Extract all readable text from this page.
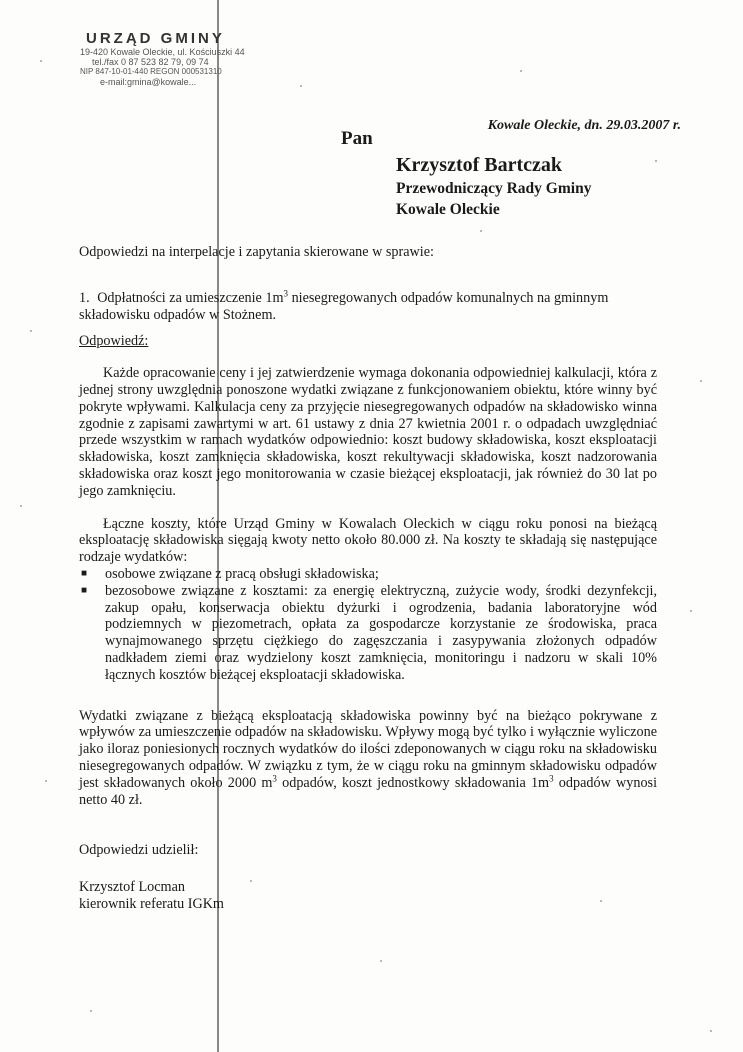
URZĄD GMINY
19-420 Kowale Oleckie, ul. Kościuszki 44
tel./fax 0 87 523 82 79, 09 74
NIP 847-10-01-440 REGON 000531310
e-mail:gmina@kowale...
Kowale Oleckie, dn. 29.03.2007 r.
Pan
Krzysztof Bartczak
Przewodniczący Rady Gminy
Kowale Oleckie

Odpowiedzi na interpelacje i zapytania skierowane w sprawie:

1. Odpłatności za umieszczenie $1m^3$ niesegregowanych odpadów komunalnych na gminnym składowisku odpadów w Stożnem.

Odpowiedź:

Każde opracowanie ceny i jej zatwierdzenie wymaga dokonania odpowiedniej kalkulacji, która z jednej strony uwzględnia ponoszone wydatki związane z funkcjonowaniem obiektu, które winny być pokryte wpływami. Kalkulacja ceny za przyjęcie niesegregowanych odpadów na składowisko winna zgodnie z zapisami zawartymi w art. 61 ustawy z dnia 27 kwietnia 2001 r. o odpadach uwzględniać przede wszystkim w ramach wydatków odpowiednio: koszt budowy składowiska, koszt eksploatacji składowiska, koszt zamknięcia składowiska, koszt rekultywacji składowiska, koszt nadzorowania składowiska oraz koszt jego monitorowania w czasie bieżącej eksploatacji, jak również do 30 lat po jego zamknięciu.

Łączne koszty, które Urząd Gminy w Kowalach Oleckich w ciągu roku ponosi na bieżącą eksploatację składowiska sięgają kwoty netto około 80.000 zł. Na koszty te składają się następujące rodzaje wydatków:

■ osobowe związane z pracą obsługi składowiska;
■ bezosobowe związane z kosztami: za energię elektryczną, zużycie wody, środki dezynfekcji, zakup opału, konserwacja obiektu dyżurki i ogrodzenia, badania laboratoryjne wód podziemnych w piezometrach, opłata za gospodarcze korzystanie ze środowiska, praca wynajmowanego sprzętu ciężkiego do zagęszczania i zasypywania złożonych odpadów nadkładem ziemi oraz wydzielony koszt zamknięcia, monitoringu i nadzoru w skali 10% łącznych kosztów bieżącej eksploatacji składowiska.

Wydatki związane z bieżącą eksploatacją składowiska powinny być na bieżąco pokrywane z wpływów za umieszczenie odpadów na składowisku. Wpływy mogą być tylko i wyłącznie wyliczone jako iloraz poniesionych rocznych wydatków do ilości zdeponowanych w ciągu roku na składowisku niesegregowanych odpadów. W związku z tym, że w ciągu roku na gminnym składowisku odpadów jest składowanych około 2000 $m^3$ odpadów, koszt jednostkowy składowania $1m^3$ odpadów wynosi netto 40 zł.

Odpowiedzi udzielił:
Krzysztof Locman
kierownik referatu IGKm
